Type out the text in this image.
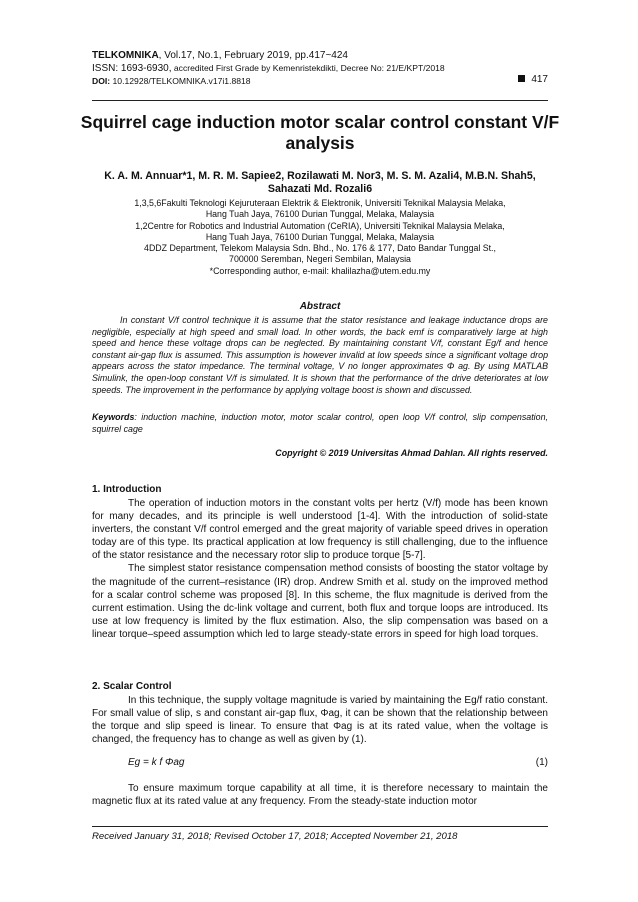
TELKOMNIKA, Vol.17, No.1, February 2019, pp.417~424
ISSN: 1693-6930, accredited First Grade by Kemenristekdikti, Decree No: 21/E/KPT/2018
DOI: 10.12928/TELKOMNIKA.v17i1.8818	417
Squirrel cage induction motor scalar control constant V/F analysis
K. A. M. Annuar*1, M. R. M. Sapiee2, Rozilawati M. Nor3, M. S. M. Azali4, M.B.N. Shah5,
Sahazati Md. Rozali6
1,3,5,6Fakulti Teknologi Kejuruteraan Elektrik & Elektronik, Universiti Teknikal Malaysia Melaka,
Hang Tuah Jaya, 76100 Durian Tunggal, Melaka, Malaysia
1,2Centre for Robotics and Industrial Automation (CeRIA), Universiti Teknikal Malaysia Melaka,
Hang Tuah Jaya, 76100 Durian Tunggal, Melaka, Malaysia
4DDZ Department, Telekom Malaysia Sdn. Bhd., No. 176 & 177, Dato Bandar Tunggal St.,
700000 Seremban, Negeri Sembilan, Malaysia
*Corresponding author, e-mail: khalilazha@utem.edu.my
Abstract
In constant V/f control technique it is assume that the stator resistance and leakage inductance drops are negligible, especially at high speed and small load. In other words, the back emf is comparatively large at high speed and hence these voltage drops can be neglected. By maintaining constant V/f, constant Eg/f and hence constant air-gap flux is assumed. This assumption is however invalid at low speeds since a significant voltage drop appears across the stator impedance. The terminal voltage, V no longer approximates Φ ag. By using MATLAB Simulink, the open-loop constant V/f is simulated. It is shown that the performance of the drive deteriorates at low speeds. The improvement in the performance by applying voltage boost is shown and discussed.
Keywords: induction machine, induction motor, motor scalar control, open loop V/f control, slip compensation, squirrel cage
Copyright © 2019 Universitas Ahmad Dahlan. All rights reserved.
1. Introduction

The operation of induction motors in the constant volts per hertz (V/f) mode has been known for many decades, and its principle is well understood [1-4]. With the introduction of solid-state inverters, the constant V/f control emerged and the great majority of variable speed drives in operation today are of this type. Its practical application at low frequency is still challenging, due to the influence of the stator resistance and the necessary rotor slip to produce torque [5-7].

The simplest stator resistance compensation method consists of boosting the stator voltage by the magnitude of the current–resistance (IR) drop. Andrew Smith et al. study on the improved method for a scalar control scheme was proposed [8]. In this scheme, the flux magnitude is derived from the current estimation. Using the dc-link voltage and current, both flux and torque loops are introduced. Its use at low frequency is limited by the flux estimation. Also, the slip compensation was based on a linear torque–speed assumption which led to large steady-state errors in speed for high load torques.

2. Scalar Control

In this technique, the supply voltage magnitude is varied by maintaining the Eg/f ratio constant. For small value of slip, s and constant air-gap flux, Φag, it can be shown that the relationship between the torque and slip speed is linear. To ensure that Φag is at its rated value, when the voltage is changed, the frequency has to change as well as given by (1).

Eg = k f Φag	(1)

To ensure maximum torque capability at all time, it is therefore necessary to maintain the magnetic flux at its rated value at any frequency. From the steady-state induction motor

Received January 31, 2018; Revised October 17, 2018; Accepted November 21, 2018
